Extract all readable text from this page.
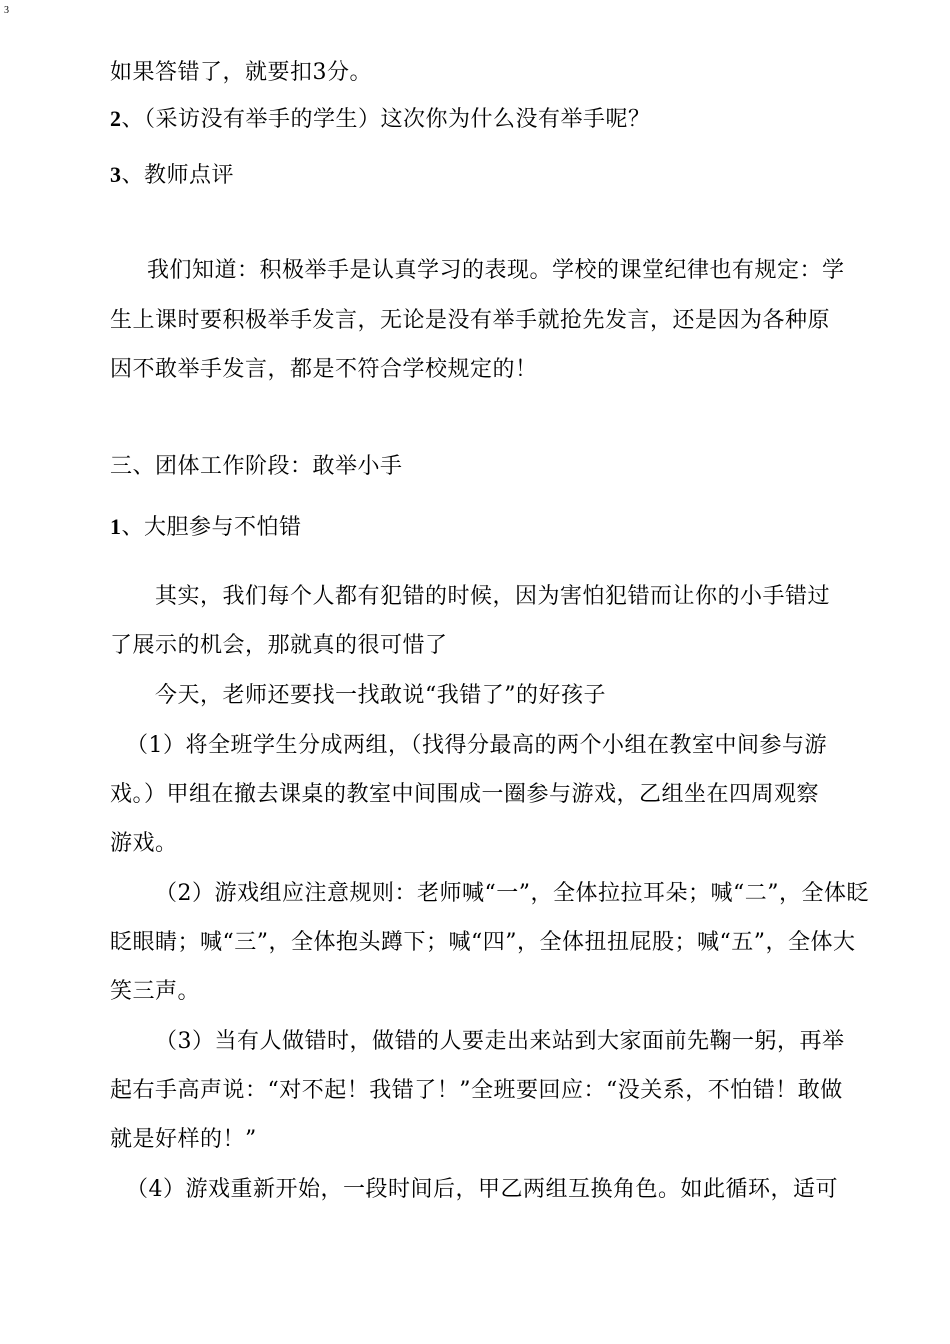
3
如果答错了，就要扣3分。
2、（采访没有举手的学生）这次你为什么没有举手呢？
3、教师点评
我们知道：积极举手是认真学习的表现。学校的课堂纪律也有规定：学
生上课时要积极举手发言，无论是没有举手就抢先发言，还是因为各种原
因不敢举手发言，都是不符合学校规定的！
三、团体工作阶段：敢举小手
1、大胆参与不怕错
其实，我们每个人都有犯错的时候，因为害怕犯错而让你的小手错过
了展示的机会，那就真的很可惜了
今天，老师还要找一找敢说“我错了”的好孩子
（1）将全班学生分成两组，（找得分最高的两个小组在教室中间参与游
戏。）甲组在撤去课桌的教室中间围成一圈参与游戏，乙组坐在四周观察
游戏。
（2）游戏组应注意规则：老师喊“一”，全体拉拉耳朵；喊“二”，全体眨
眨眼睛；喊“三”，全体抱头蹲下；喊“四”，全体扭扭屁股；喊“五”，全体大
笑三声。
（3）当有人做错时，做错的人要走出来站到大家面前先鞠一躬，再举
起右手高声说：“对不起！我错了！”全班要回应：“没关系，不怕错！敢做
就是好样的！”
（4）游戏重新开始，一段时间后，甲乙两组互换角色。如此循环，适可
